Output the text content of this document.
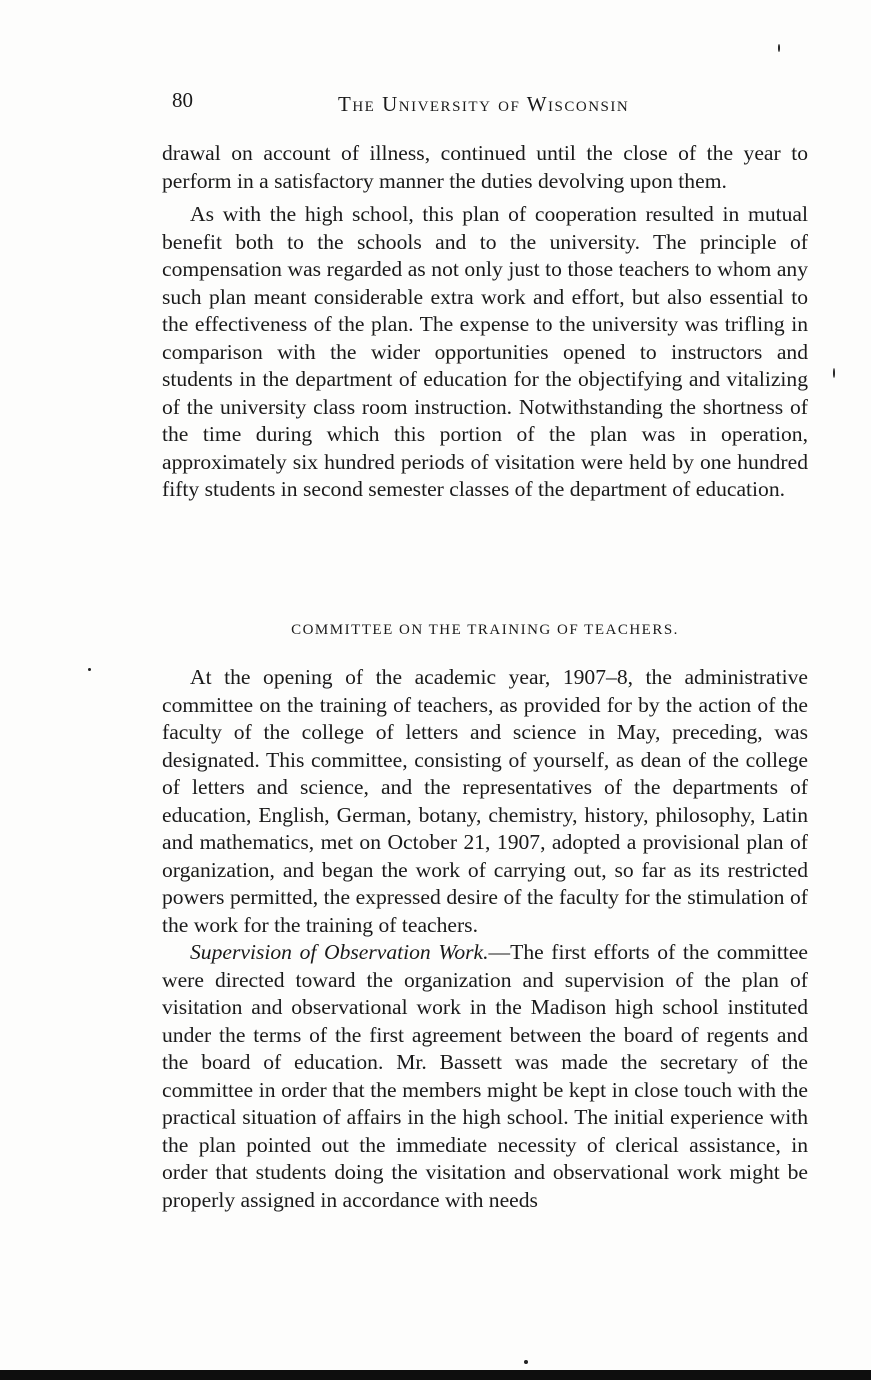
80	The University of Wisconsin

drawal on account of illness, continued until the close of the year to perform in a satisfactory manner the duties devolving upon them.

As with the high school, this plan of cooperation resulted in mutual benefit both to the schools and to the university. The principle of compensation was regarded as not only just to those teachers to whom any such plan meant considerable extra work and effort, but also essential to the effectiveness of the plan. The expense to the university was trifling in comparison with the wider opportunities opened to instructors and students in the department of education for the objectifying and vitalizing of the university class room instruction. Notwithstanding the shortness of the time during which this portion of the plan was in operation, approximately six hundred periods of visitation were held by one hundred fifty students in second semester classes of the department of education.

COMMITTEE ON THE TRAINING OF TEACHERS.

At the opening of the academic year, 1907–8, the administrative committee on the training of teachers, as provided for by the action of the faculty of the college of letters and science in May, preceding, was designated. This committee, consisting of yourself, as dean of the college of letters and science, and the representatives of the departments of education, English, German, botany, chemistry, history, philosophy, Latin and mathematics, met on October 21, 1907, adopted a provisional plan of organization, and began the work of carrying out, so far as its restricted powers permitted, the expressed desire of the faculty for the stimulation of the work for the training of teachers.

Supervision of Observation Work.—The first efforts of the committee were directed toward the organization and supervision of the plan of visitation and observational work in the Madison high school instituted under the terms of the first agreement between the board of regents and the board of education. Mr. Bassett was made the secretary of the committee in order that the members might be kept in close touch with the practical situation of affairs in the high school. The initial experience with the plan pointed out the immediate necessity of clerical assistance, in order that students doing the visitation and observational work might be properly assigned in accordance with needs
